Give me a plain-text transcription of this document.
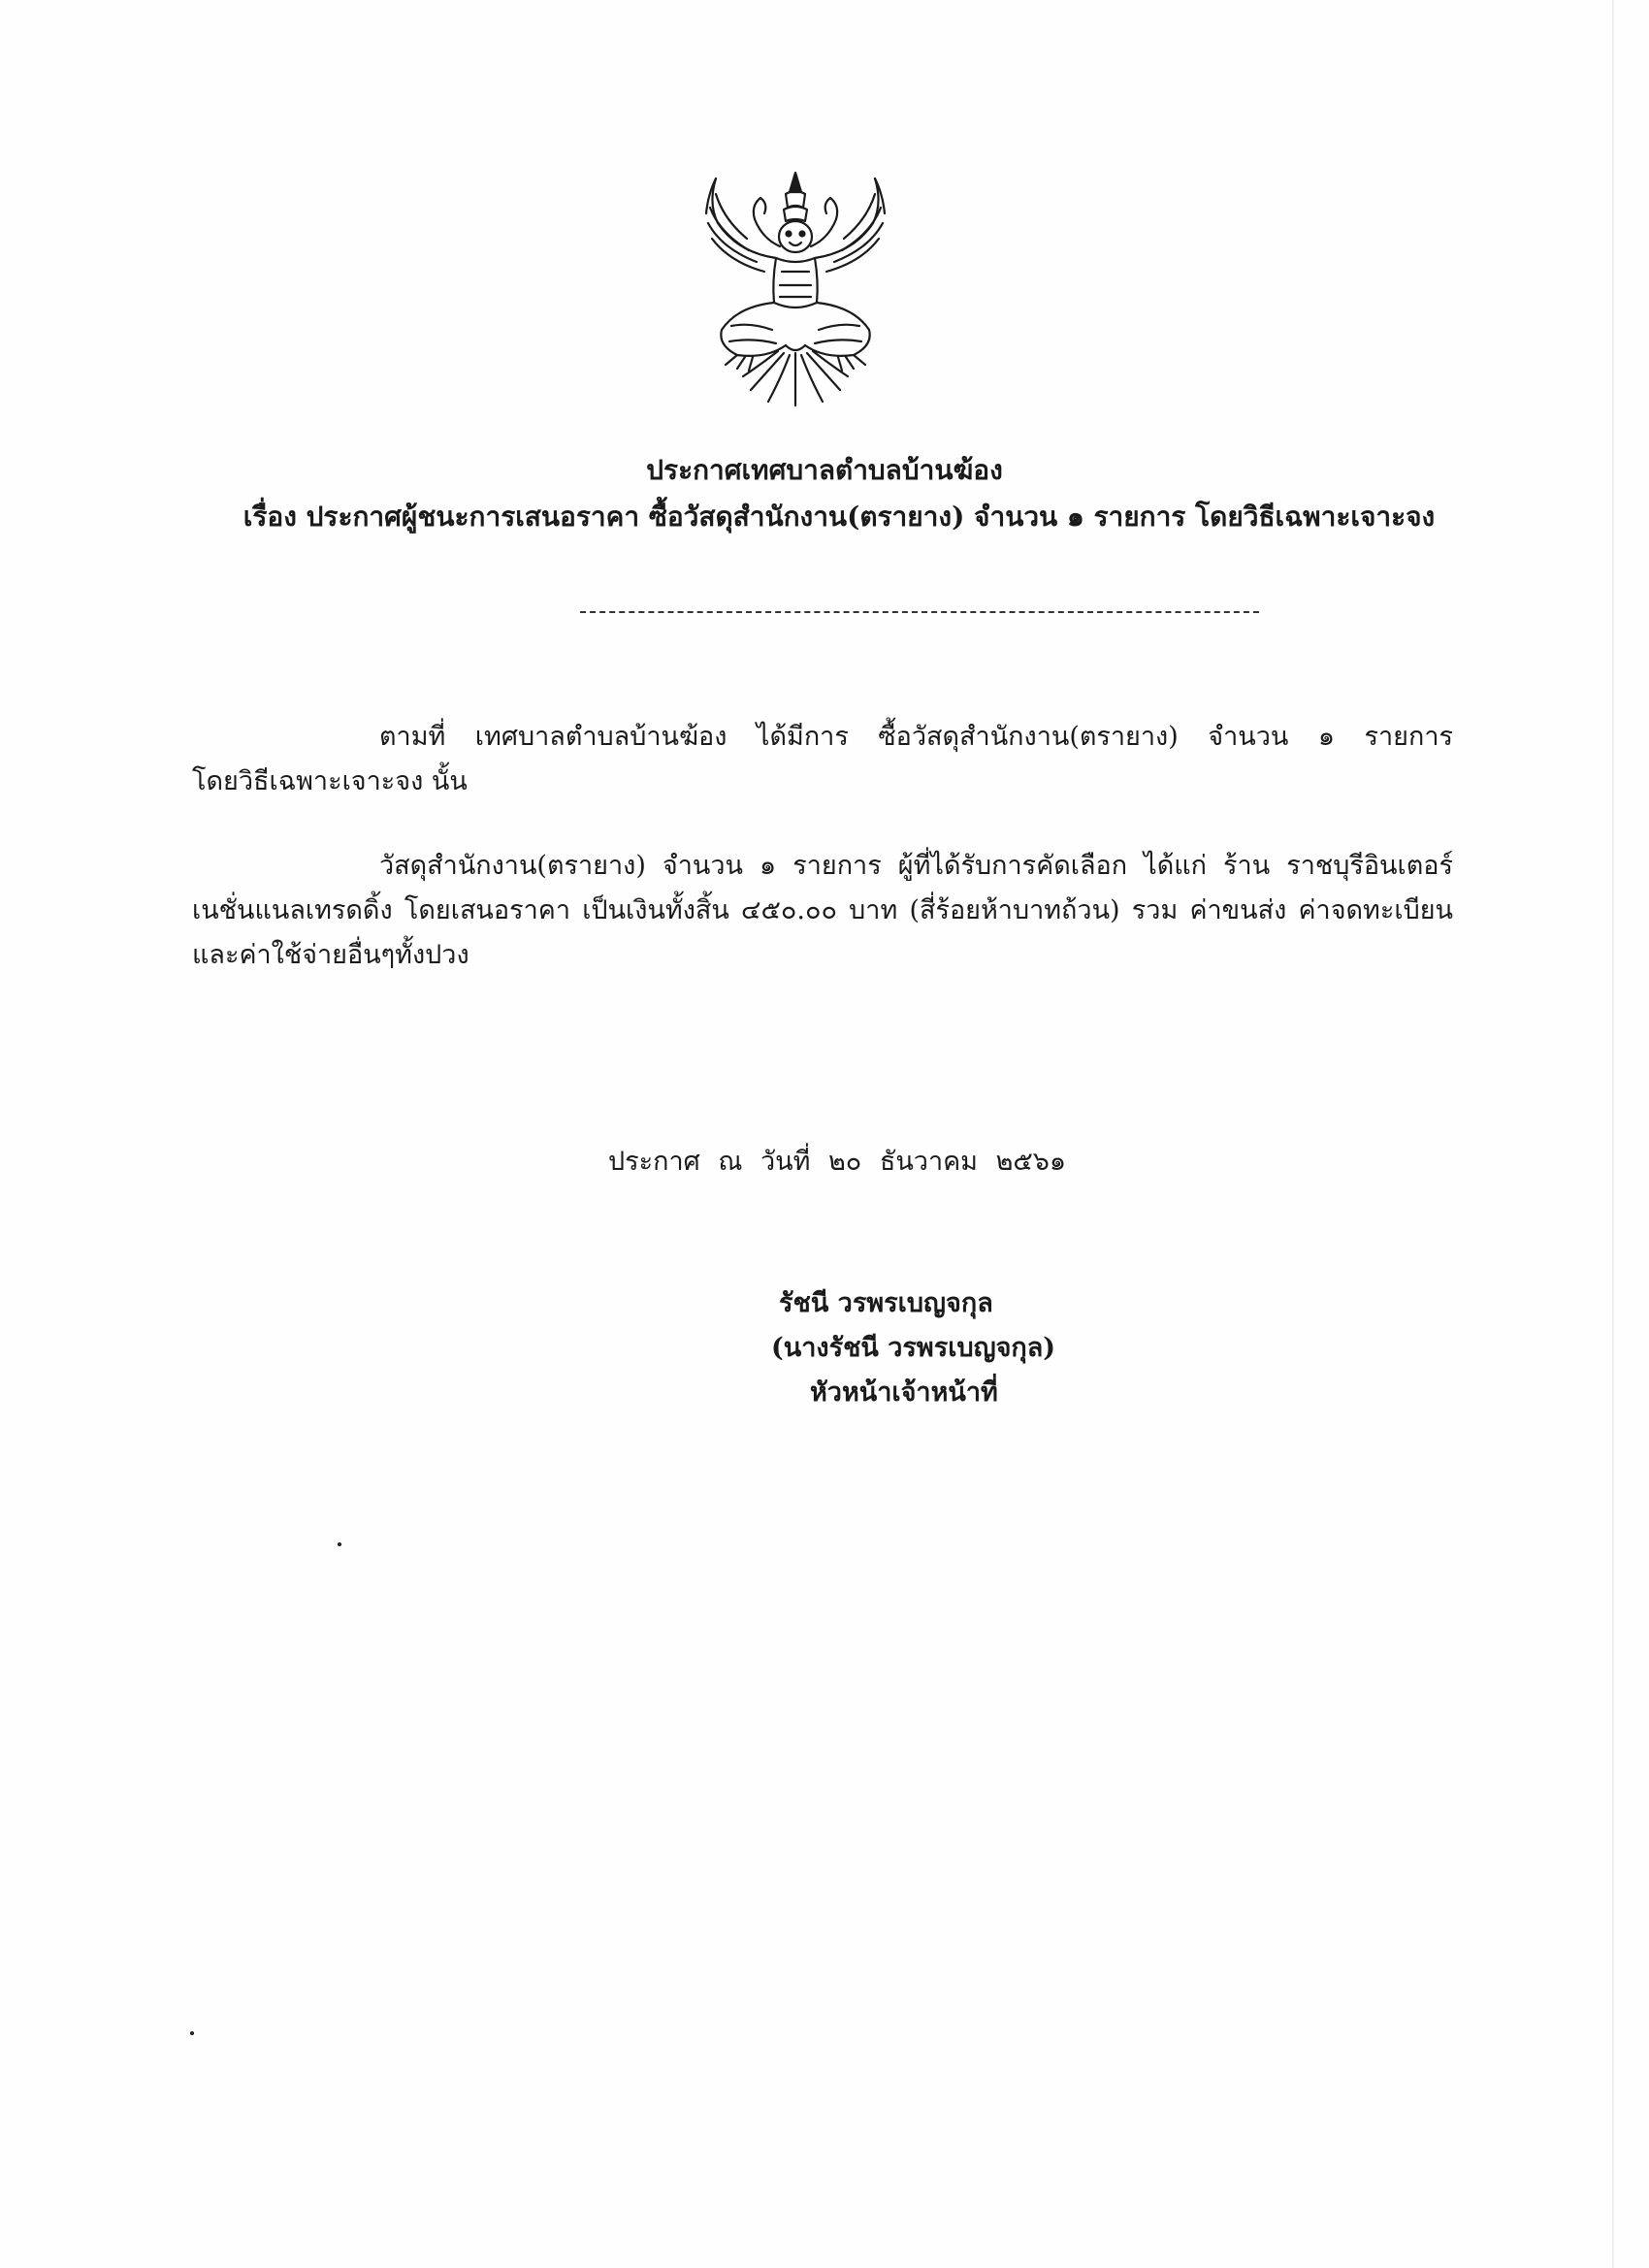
ประกาศเทศบาลตำบลบ้านฆ้อง
เรื่อง ประกาศผู้ชนะการเสนอราคา ซื้อวัสดุสำนักงาน(ตรายาง) จำนวน ๑ รายการ โดยวิธีเฉพาะเจาะจง
ตามที่ เทศบาลตำบลบ้านฆ้อง ได้มีการ ซื้อวัสดุสำนักงาน(ตรายาง) จำนวน ๑ รายการ
โดยวิธีเฉพาะเจาะจง นั้น
วัสดุสำนักงาน(ตรายาง) จำนวน ๑ รายการ ผู้ที่ได้รับการคัดเลือก ได้แก่ ร้าน ราชบุรีอินเตอร์
เนชั่นแนลเทรดดิ้ง โดยเสนอราคา เป็นเงินทั้งสิ้น ๔๕๐.๐๐ บาท (สี่ร้อยห้าบาทถ้วน) รวม ค่าขนส่ง ค่าจดทะเบียน
และค่าใช้จ่ายอื่นๆทั้งปวง
ประกาศ ณ วันที่ ๒๐ ธันวาคม ๒๕๖๑
รัชนี วรพรเบญจกุล
(นางรัชนี วรพรเบญจกุล)
หัวหน้าเจ้าหน้าที่
